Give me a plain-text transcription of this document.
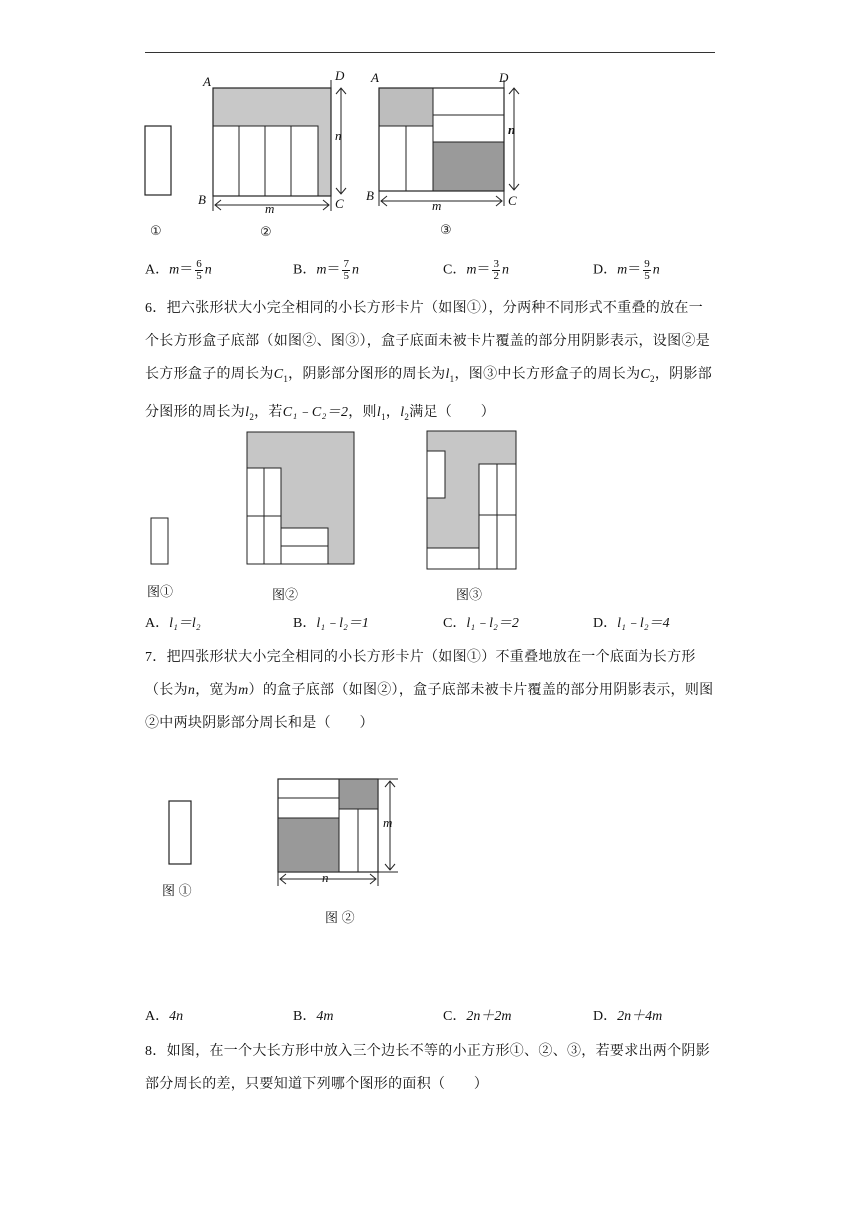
①
A	D
B	C
n
m
②
A	D
B	C
n
m
③
A．$m= \frac{6}{5}$ n	B．$m= \frac{7}{5}$ n	C．$m= \frac{3}{2}$ n	D．$m= \frac{9}{5}$ n
6．把六张形状大小完全相同的小长方形卡片（如图①），分两种不同形式不重叠的放在一个长方形盒子底部（如图②、图③），盒子底面未被卡片覆盖的部分用阴影表示，设图②是长方形盒子的周长为$C_1$，阴影部分图形的周长为$l_1$，图③中长方形盒子的周长为$C_2$，阴影部分图形的周长为$l_2$，若C₁﹣C₂＝2，则$l_1$，$l_2$满足（　　）
图①	图②	图③
A．l₁＝l₂	B．l₁﹣l₂＝1	C．l₁﹣l₂＝2	D．l₁﹣l₂＝4
7．把四张形状大小完全相同的小长方形卡片（如图①）不重叠地放在一个底面为长方形（长为n，宽为m）的盒子底部（如图②），盒子底部未被卡片覆盖的部分用阴影表示，则图②中两块阴影部分周长和是（　　）
图 ①
m
n
图 ②
A．4n	B．4m	C．2n＋2m	D．2n＋4m
8．如图，在一个大长方形中放入三个边长不等的小正方形①、②、③，若要求出两个阴影部分周长的差，只要知道下列哪个图形的面积（　　）
